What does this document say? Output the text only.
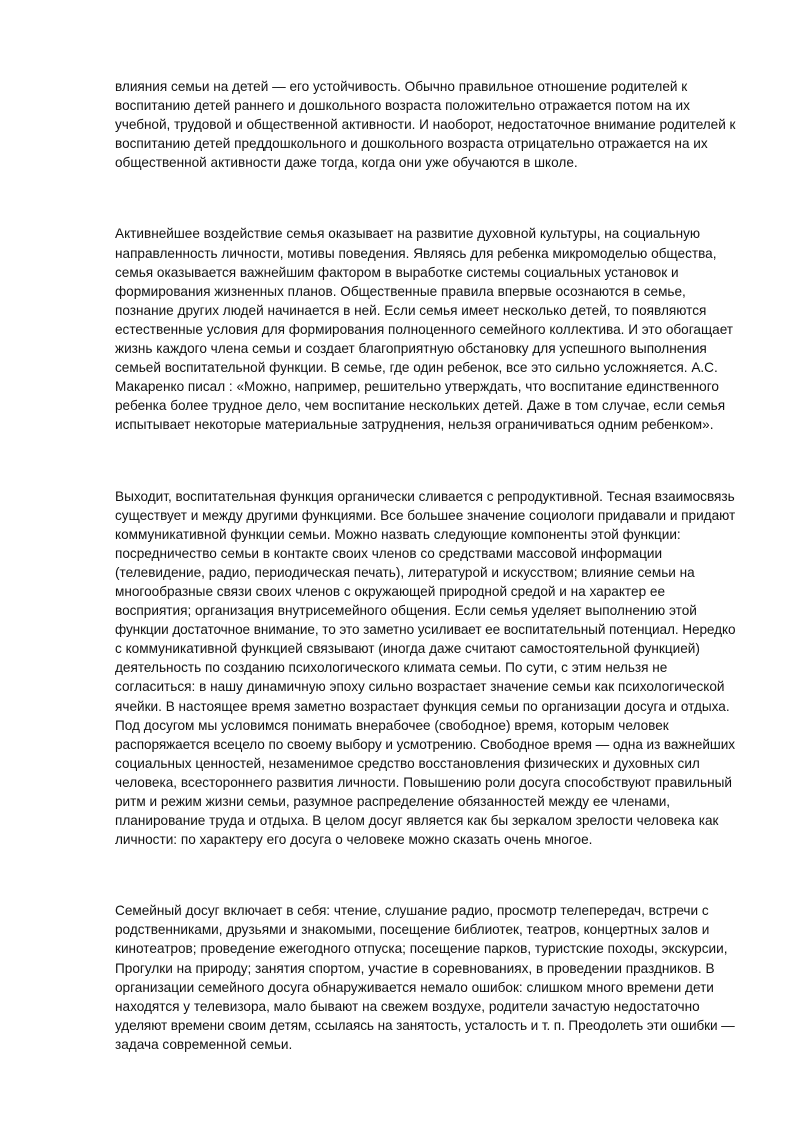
влияния семьи на детей — его устойчивость. Обычно правильное отношение родителей к
воспитанию детей раннего и дошкольного возраста положительно отражается потом на их
учебной, трудовой и общественной активности. И наоборот, недостаточное внимание родителей к
воспитанию детей преддошкольного и дошкольного возраста отрицательно отражается на их
общественной активности даже тогда, когда они уже обучаются в школе.

Активнейшее воздействие семья оказывает на развитие духовной культуры, на социальную
направленность личности, мотивы поведения. Являясь для ребенка микромоделью общества,
семья оказывается важнейшим фактором в выработке системы социальных установок и
формирования жизненных планов. Общественные правила впервые осознаются в семье,
познание других людей начинается в ней. Если семья имеет несколько детей, то появляются
естественные условия для формирования полноценного семейного коллектива. И это обогащает
жизнь каждого члена семьи и создает благоприятную обстановку для успешного выполнения
семьей воспитательной функции. В семье, где один ребенок, все это сильно усложняется. А.С.
Макаренко писал : «Можно, например, решительно утверждать, что воспитание единственного
ребенка более трудное дело, чем воспитание нескольких детей. Даже в том случае, если семья
испытывает некоторые материальные затруднения, нельзя ограничиваться одним ребенком».

Выходит, воспитательная функция органически сливается с репродуктивной. Тесная взаимосвязь
существует и между другими функциями. Все большее значение социологи придавали и придают
коммуникативной функции семьи. Можно назвать следующие компоненты этой функции:
посредничество семьи в контакте своих членов со средствами массовой информации
(телевидение, радио, периодическая печать), литературой и искусством; влияние семьи на
многообразные связи своих членов с окружающей природной средой и на характер ее
восприятия; организация внутрисемейного общения. Если семья уделяет выполнению этой
функции достаточное внимание, то это заметно усиливает ее воспитательный потенциал. Нередко
с коммуникативной функцией связывают (иногда даже считают самостоятельной функцией)
деятельность по созданию психологического климата семьи. По сути, с этим нельзя не
согласиться: в нашу динамичную эпоху сильно возрастает значение семьи как психологической
ячейки. В настоящее время заметно возрастает функция семьи по организации досуга и отдыха.
Под досугом мы условимся понимать внерабочее (свободное) время, которым человек
распоряжается всецело по своему выбору и усмотрению. Свободное время — одна из важнейших
социальных ценностей, незаменимое средство восстановления физических и духовных сил
человека, всестороннего развития личности. Повышению роли досуга способствуют правильный
ритм и режим жизни семьи, разумное распределение обязанностей между ее членами,
планирование труда и отдыха. В целом досуг является как бы зеркалом зрелости человека как
личности: по характеру его досуга о человеке можно сказать очень многое.

Семейный досуг включает в себя: чтение, слушание радио, просмотр телепередач, встречи с
родственниками, друзьями и знакомыми, посещение библиотек, театров, концертных залов и
кинотеатров; проведение ежегодного отпуска; посещение парков, туристские походы, экскурсии,
Прогулки на природу; занятия спортом, участие в соревнованиях, в проведении праздников. В
организации семейного досуга обнаруживается немало ошибок: слишком много времени дети
находятся у телевизора, мало бывают на свежем воздухе, родители зачастую недостаточно
уделяют времени своим детям, ссылаясь на занятость, усталость и т. п. Преодолеть эти ошибки —
задача современной семьи.
